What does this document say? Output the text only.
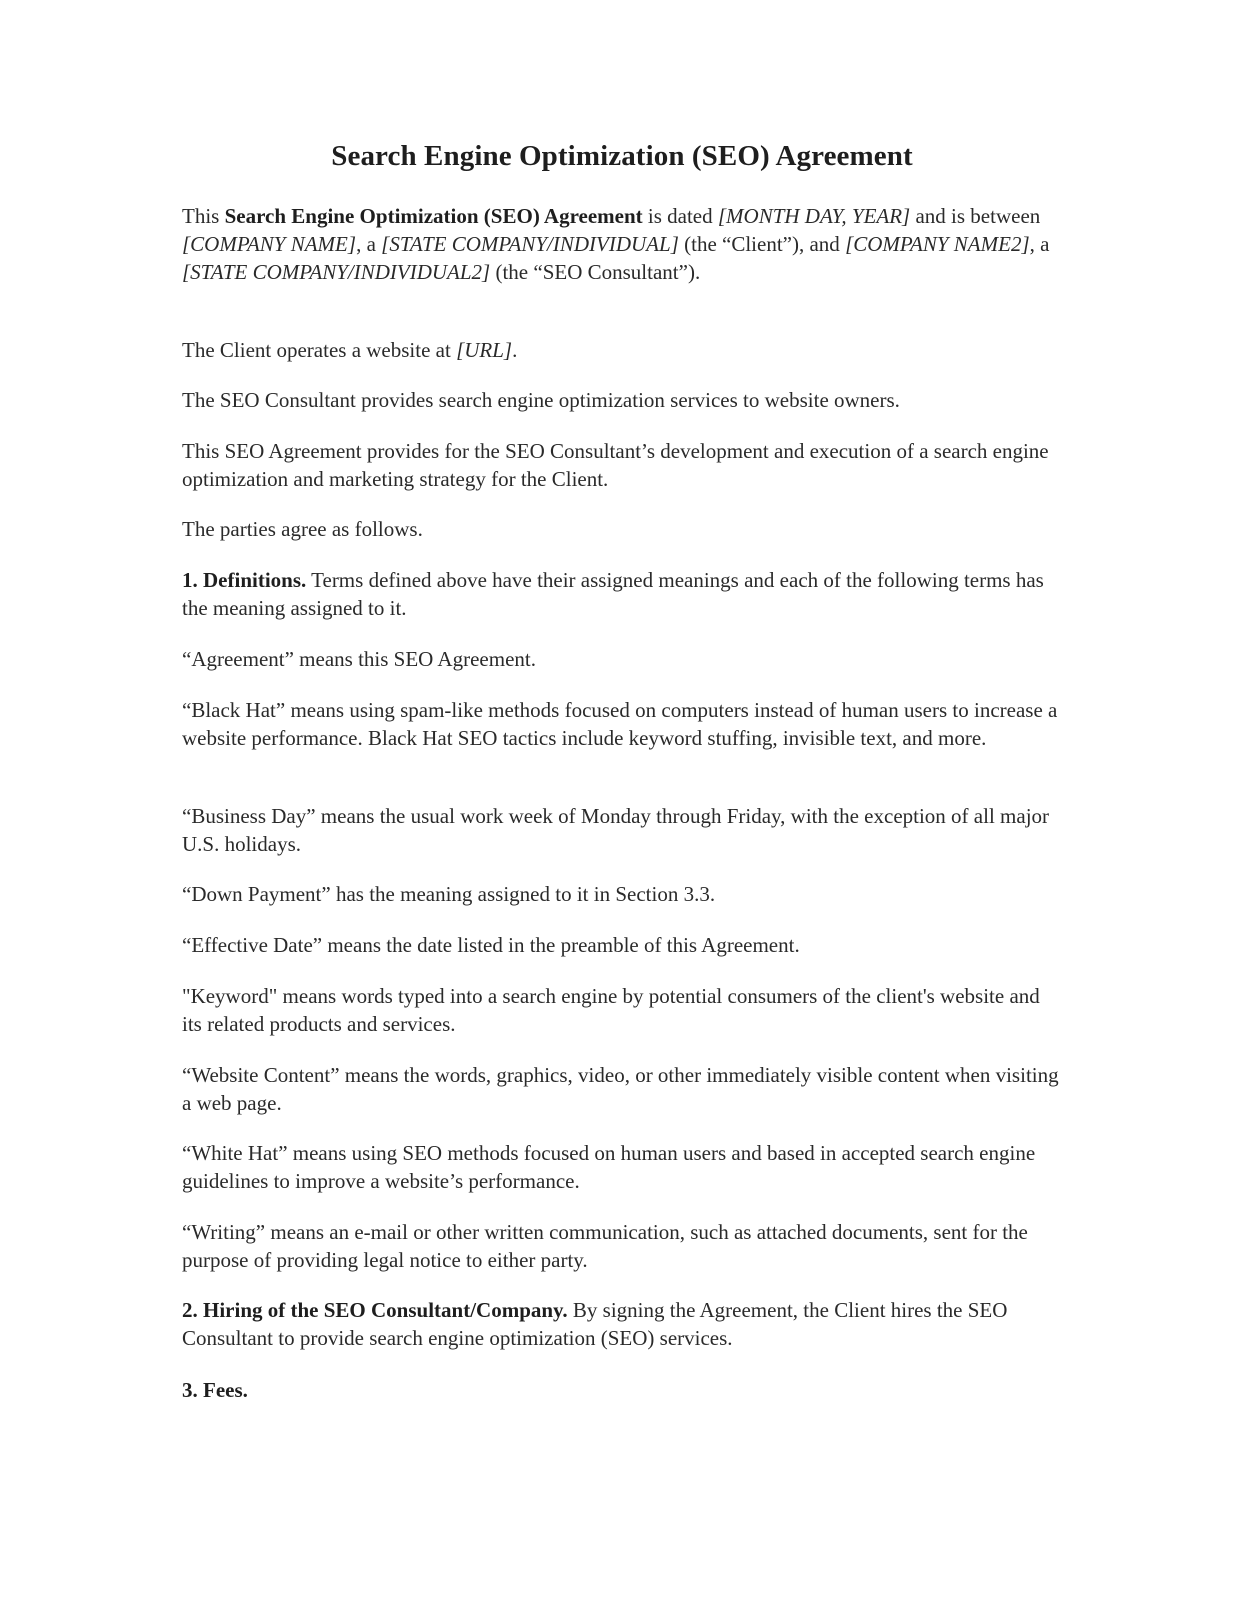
Search Engine Optimization (SEO) Agreement

This Search Engine Optimization (SEO) Agreement is dated [MONTH DAY, YEAR] and is between [COMPANY NAME], a [STATE COMPANY/INDIVIDUAL] (the “Client”), and [COMPANY NAME2], a [STATE COMPANY/INDIVIDUAL2] (the “SEO Consultant”).

The Client operates a website at [URL].

The SEO Consultant provides search engine optimization services to website owners.

This SEO Agreement provides for the SEO Consultant’s development and execution of a search engine optimization and marketing strategy for the Client.

The parties agree as follows.

1. Definitions. Terms defined above have their assigned meanings and each of the following terms has the meaning assigned to it.

“Agreement” means this SEO Agreement.

“Black Hat” means using spam-like methods focused on computers instead of human users to increase a website performance. Black Hat SEO tactics include keyword stuffing, invisible text, and more.

“Business Day” means the usual work week of Monday through Friday, with the exception of all major U.S. holidays.

“Down Payment” has the meaning assigned to it in Section 3.3.

“Effective Date” means the date listed in the preamble of this Agreement.

"Keyword" means words typed into a search engine by potential consumers of the client's website and its related products and services.

“Website Content” means the words, graphics, video, or other immediately visible content when visiting a web page.

“White Hat” means using SEO methods focused on human users and based in accepted search engine guidelines to improve a website’s performance.

“Writing” means an e-mail or other written communication, such as attached documents, sent for the purpose of providing legal notice to either party.

2. Hiring of the SEO Consultant/Company. By signing the Agreement, the Client hires the SEO Consultant to provide search engine optimization (SEO) services.

3. Fees.
